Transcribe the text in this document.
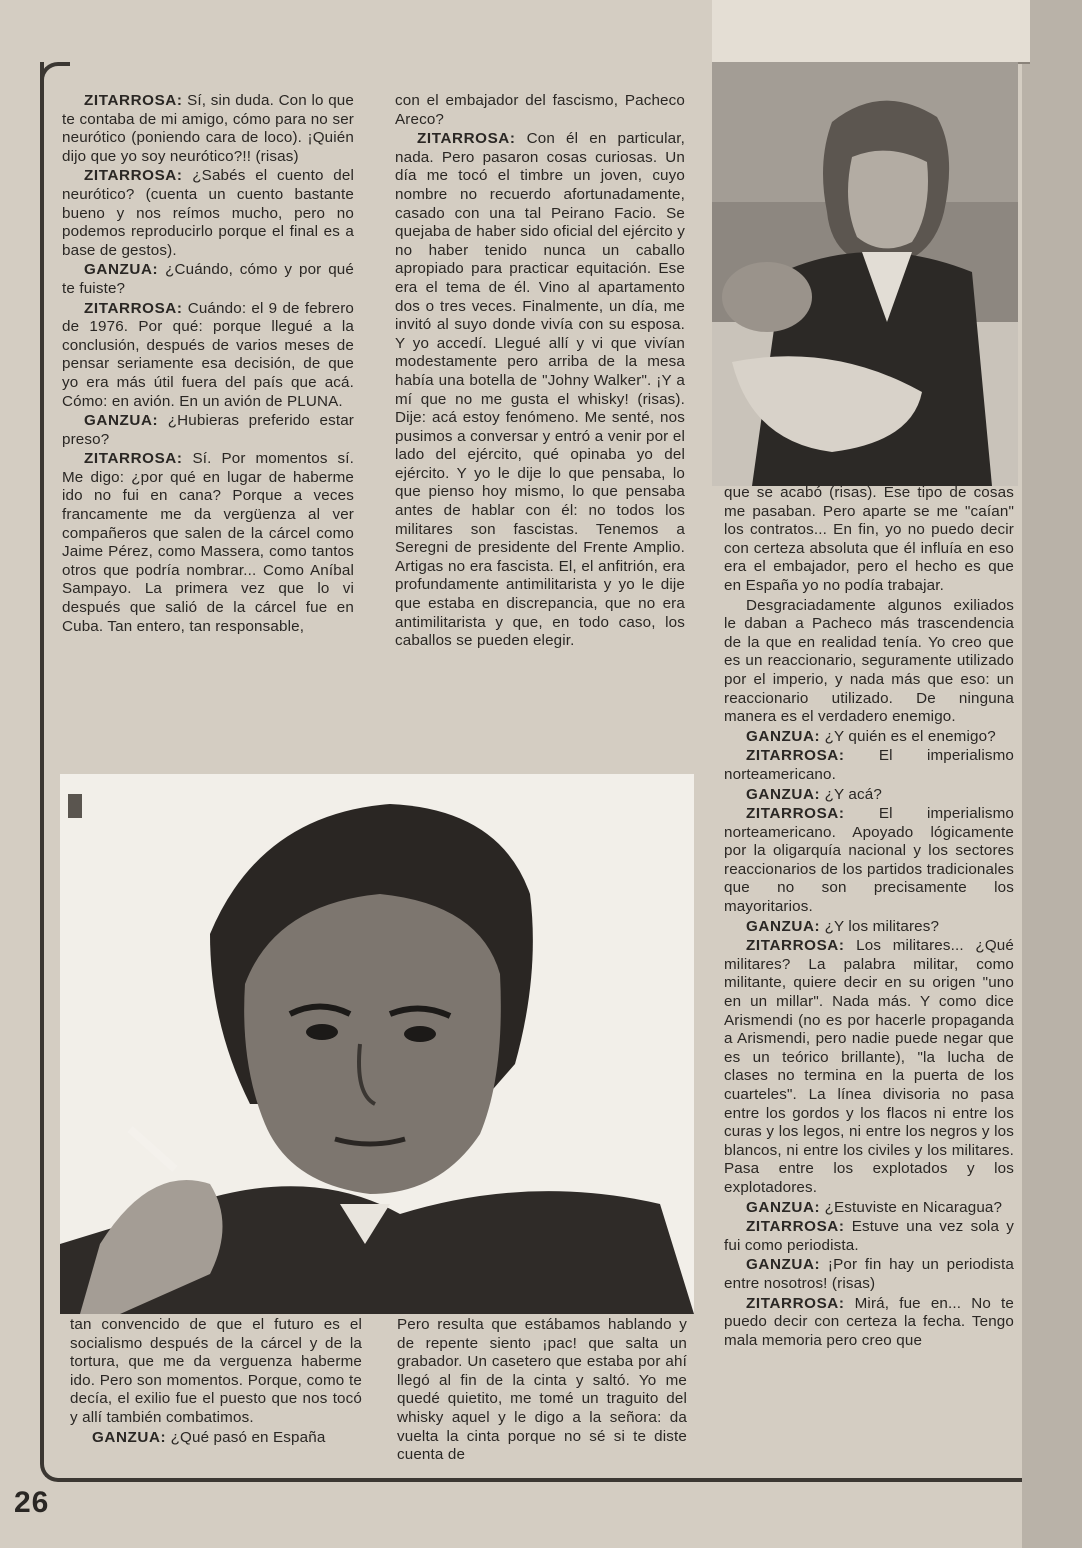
ZITARROSA: Sí, sin duda. Con lo que te contaba de mi amigo, cómo para no ser neurótico (poniendo cara de loco). ¡Quién dijo que yo soy neurótico?!! (risas)

ZITARROSA: ¿Sabés el cuento del neurótico? (cuenta un cuento bastante bueno y nos reímos mucho, pero no podemos reproducirlo porque el final es a base de gestos).

GANZUA: ¿Cuándo, cómo y por qué te fuiste?

ZITARROSA: Cuándo: el 9 de febrero de 1976. Por qué: porque llegué a la conclusión, después de varios meses de pensar seriamente esa decisión, de que yo era más útil fuera del país que acá. Cómo: en avión. En un avión de PLUNA.

GANZUA: ¿Hubieras preferido estar preso?

ZITARROSA: Sí. Por momentos sí. Me digo: ¿por qué en lugar de haberme ido no fui en cana? Porque a veces francamente me da vergüenza al ver compañeros que salen de la cárcel como Jaime Pérez, como Massera, como tantos otros que podría nombrar... Como Aníbal Sampayo. La primera vez que lo vi después que salió de la cárcel fue en Cuba. Tan entero, tan responsable,

con el embajador del fascismo, Pacheco Areco?

ZITARROSA: Con él en particular, nada. Pero pasaron cosas curiosas. Un día me tocó el timbre un joven, cuyo nombre no recuerdo afortunadamente, casado con una tal Peirano Facio. Se quejaba de haber sido oficial del ejército y no haber tenido nunca un caballo apropiado para practicar equitación. Ese era el tema de él. Vino al apartamento dos o tres veces. Finalmente, un día, me invitó al suyo donde vivía con su esposa. Y yo accedí. Llegué allí y vi que vivían modestamente pero arriba de la mesa había una botella de "Johny Walker". ¡Y a mí que no me gusta el whisky! (risas). Dije: acá estoy fenómeno. Me senté, nos pusimos a conversar y entró a venir por el lado del ejército, qué opinaba yo del ejército. Y yo le dije lo que pensaba, lo que pienso hoy mismo, lo que pensaba antes de hablar con él: no todos los militares son fascistas. Tenemos a Seregni de presidente del Frente Amplio. Artigas no era fascista. El, el anfitrión, era profundamente antimilitarista y yo le dije que estaba en discrepancia, que no era antimilitarista y que, en todo caso, los caballos se pueden elegir.

que se acabó (risas). Ese tipo de cosas me pasaban. Pero aparte se me "caían" los contratos... En fin, yo no puedo decir con certeza absoluta que él influía en eso era el embajador, pero el hecho es que en España yo no podía trabajar.

Desgraciadamente algunos exiliados le daban a Pacheco más trascendencia de la que en realidad tenía. Yo creo que es un reaccionario, seguramente utilizado por el imperio, y nada más que eso: un reaccionario utilizado. De ninguna manera es el verdadero enemigo.

GANZUA: ¿Y quién es el enemigo?

ZITARROSA: El imperialismo norteamericano.

GANZUA: ¿Y acá?

ZITARROSA: El imperialismo norteamericano. Apoyado lógicamente por la oligarquía nacional y los sectores reaccionarios de los partidos tradicionales que no son precisamente los mayoritarios.

GANZUA: ¿Y los militares?

ZITARROSA: Los militares... ¿Qué militares? La palabra militar, como militante, quiere decir en su origen "uno en un millar". Nada más. Y como dice Arismendi (no es por hacerle propaganda a Arismendi, pero nadie puede negar que es un teórico brillante), "la lucha de clases no termina en la puerta de los cuarteles". La línea divisoria no pasa entre los gordos y los flacos ni entre los curas y los legos, ni entre los negros y los blancos, ni entre los civiles y los militares. Pasa entre los explotados y los explotadores.

GANZUA: ¿Estuviste en Nicaragua?

ZITARROSA: Estuve una vez sola y fui como periodista.

GANZUA: ¡Por fin hay un periodista entre nosotros! (risas)

ZITARROSA: Mirá, fue en... No te puedo decir con certeza la fecha. Tengo mala memoria pero creo que

tan convencido de que el futuro es el socialismo después de la cárcel y de la tortura, que me da verguenza haberme ido. Pero son momentos. Porque, como te decía, el exilio fue el puesto que nos tocó y allí también combatimos.

GANZUA: ¿Qué pasó en España

Pero resulta que estábamos hablando y de repente siento ¡pac! que salta un grabador. Un casetero que estaba por ahí llegó al fin de la cinta y saltó. Yo me quedé quietito, me tomé un traguito del whisky aquel y le digo a la señora: da vuelta la cinta porque no sé si te diste cuenta de

26
